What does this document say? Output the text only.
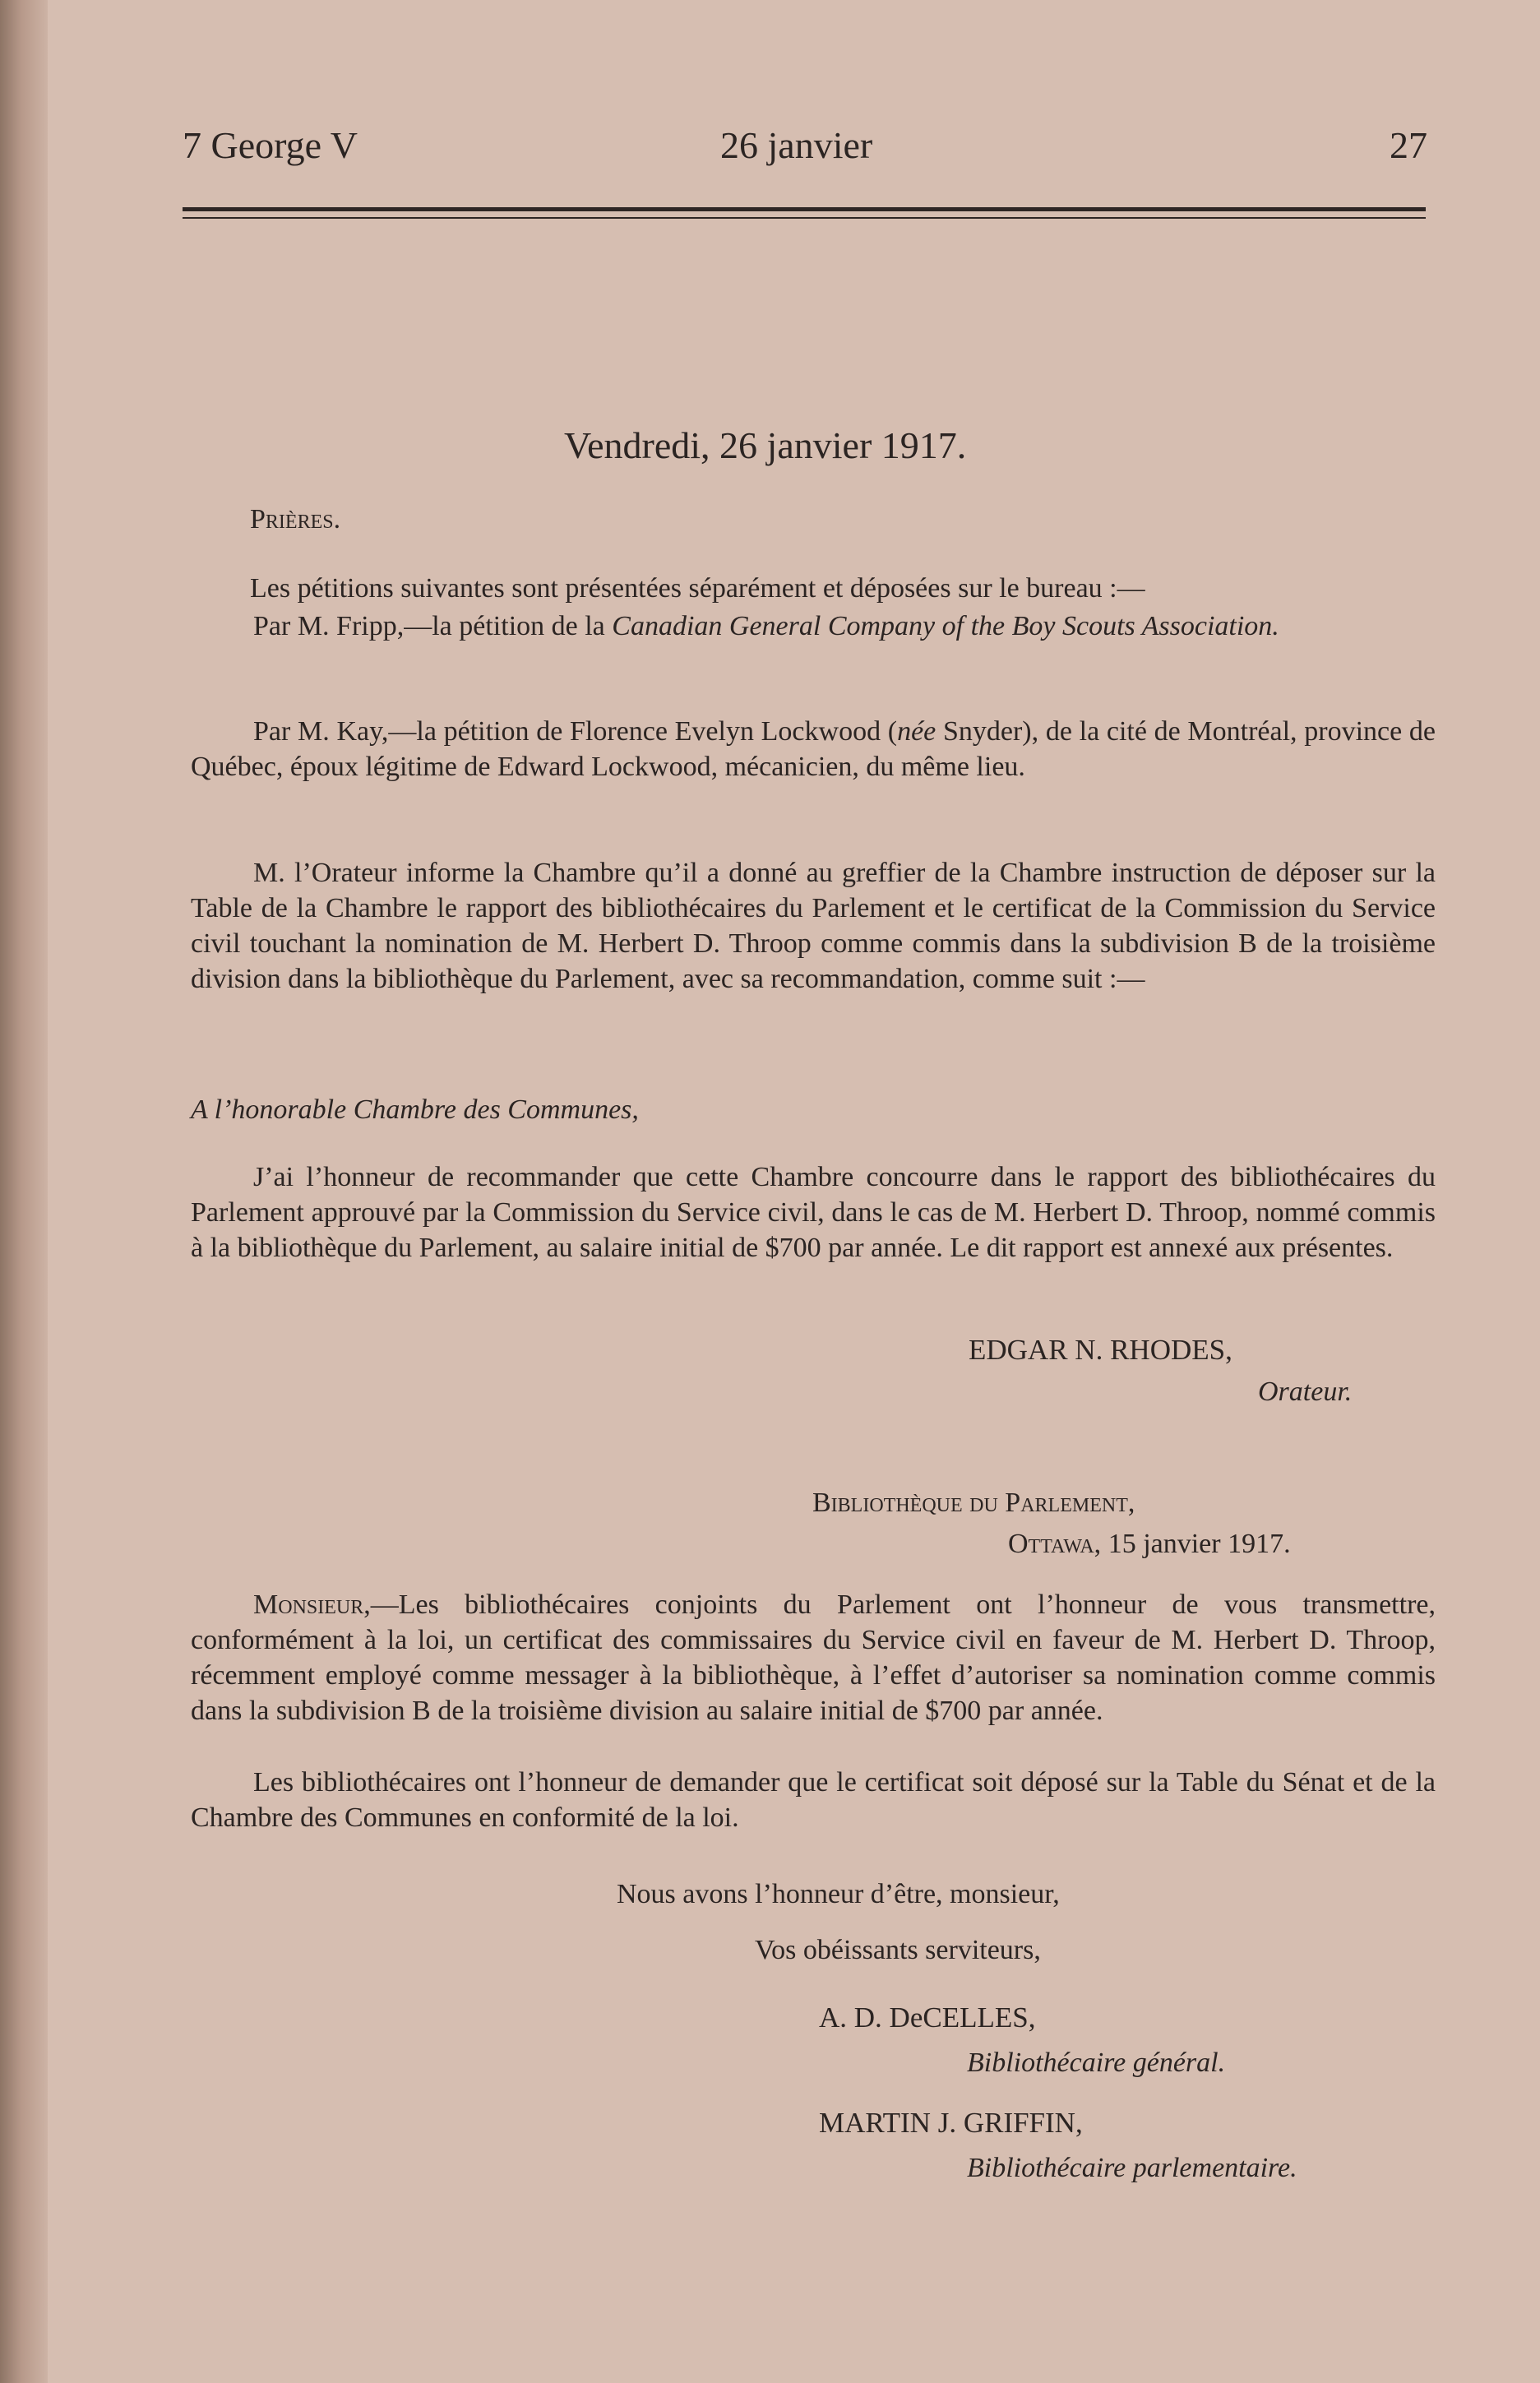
7 George V	26 janvier	27
Vendredi, 26 janvier 1917.
Prières.
Les pétitions suivantes sont présentées séparément et déposées sur le bureau :—
Par M. Fripp,—la pétition de la Canadian General Company of the Boy Scouts Association.
Par M. Kay,—la pétition de Florence Evelyn Lockwood (née Snyder), de la cité de Montréal, province de Québec, époux légitime de Edward Lockwood, mécanicien, du même lieu.
M. l’Orateur informe la Chambre qu’il a donné au greffier de la Chambre instruction de déposer sur la Table de la Chambre le rapport des bibliothécaires du Parlement et le certificat de la Commission du Service civil touchant la nomination de M. Herbert D. Throop comme commis dans la subdivision B de la troisième division dans la bibliothèque du Parlement, avec sa recommandation, comme suit :—
A l’honorable Chambre des Communes,
J’ai l’honneur de recommander que cette Chambre concourre dans le rapport des bibliothécaires du Parlement approuvé par la Commission du Service civil, dans le cas de M. Herbert D. Throop, nommé commis à la bibliothèque du Parlement, au salaire initial de $700 par année. Le dit rapport est annexé aux présentes.
EDGAR N. RHODES,
Orateur.
Bibliothèque du Parlement,
Ottawa, 15 janvier 1917.
Monsieur,—Les bibliothécaires conjoints du Parlement ont l’honneur de vous transmettre, conformément à la loi, un certificat des commissaires du Service civil en faveur de M. Herbert D. Throop, récemment employé comme messager à la bibliothèque, à l’effet d’autoriser sa nomination comme commis dans la subdivision B de la troisième division au salaire initial de $700 par année.
Les bibliothécaires ont l’honneur de demander que le certificat soit déposé sur la Table du Sénat et de la Chambre des Communes en conformité de la loi.
Nous avons l’honneur d’être, monsieur,
Vos obéissants serviteurs,
A. D. DeCELLES,
Bibliothécaire général.
MARTIN J. GRIFFIN,
Bibliothécaire parlementaire.
